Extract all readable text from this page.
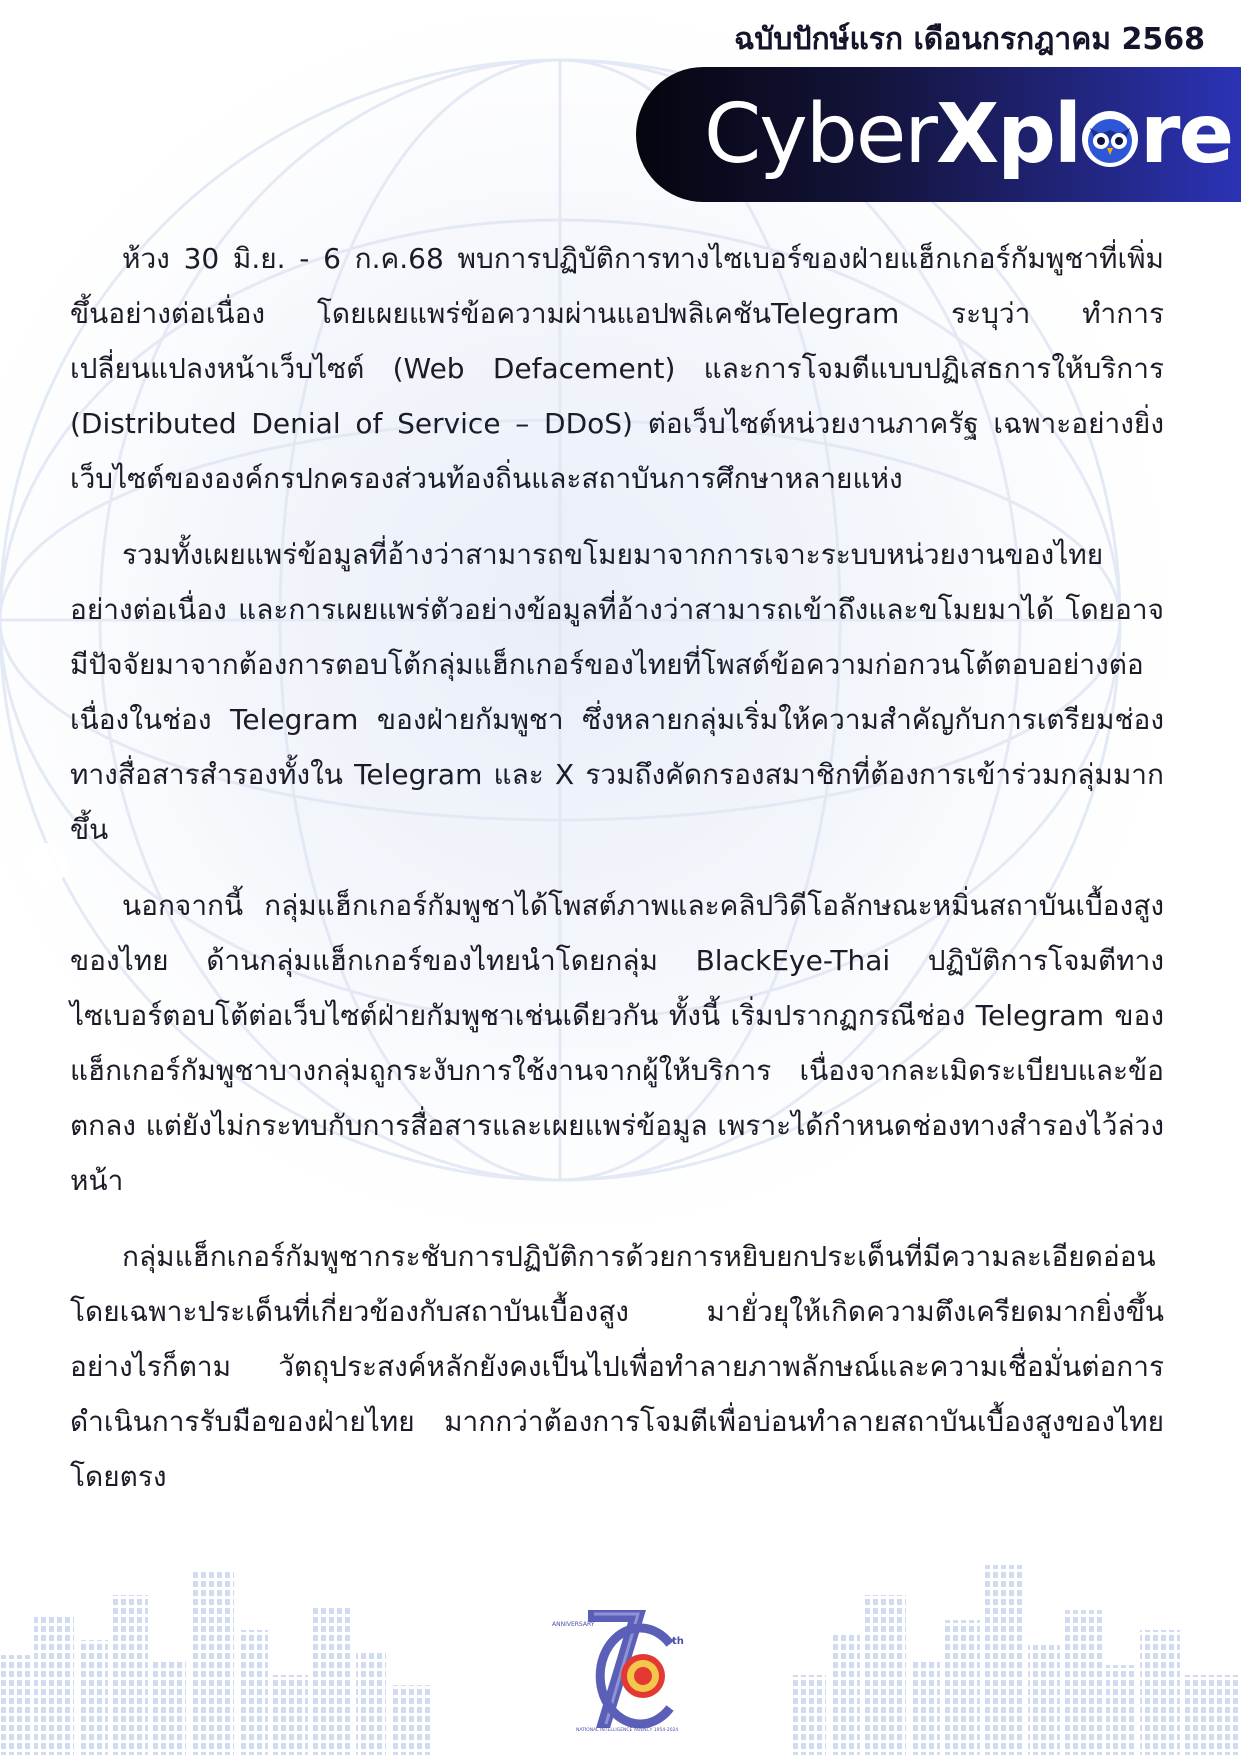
ฉบับปักษ์แรก เดือนกรกฎาคม 2568
CyberXpl re

ห้วง 30 มิ.ย. - 6 ก.ค.68 พบการปฏิบัติการทางไซเบอร์ของฝ่ายแฮ็กเกอร์กัมพูชาที่เพิ่มขึ้นอย่างต่อเนื่อง โดยเผยแพร่ข้อความผ่านแอปพลิเคชันTelegram ระบุว่า ทำการเปลี่ยนแปลงหน้าเว็บไซต์ (Web Defacement) และการโจมตีแบบปฏิเสธการให้บริการ (Distributed Denial of Service – DDoS) ต่อเว็บไซต์หน่วยงานภาครัฐ เฉพาะอย่างยิ่งเว็บไซต์ขององค์กรปกครองส่วนท้องถิ่นและสถาบันการศึกษาหลายแห่ง

รวมทั้งเผยแพร่ข้อมูลที่อ้างว่าสามารถขโมยมาจากการเจาะระบบหน่วยงานของไทยอย่างต่อเนื่อง และการเผยแพร่ตัวอย่างข้อมูลที่อ้างว่าสามารถเข้าถึงและขโมยมาได้ โดยอาจมีปัจจัยมาจากต้องการตอบโต้กลุ่มแฮ็กเกอร์ของไทยที่โพสต์ข้อความก่อกวนโต้ตอบอย่างต่อเนื่องในช่อง Telegram ของฝ่ายกัมพูชา ซึ่งหลายกลุ่มเริ่มให้ความสำคัญกับการเตรียมช่องทางสื่อสารสำรองทั้งใน Telegram และ X รวมถึงคัดกรองสมาชิกที่ต้องการเข้าร่วมกลุ่มมากขึ้น

นอกจากนี้ กลุ่มแฮ็กเกอร์กัมพูชาได้โพสต์ภาพและคลิปวิดีโอลักษณะหมิ่นสถาบันเบื้องสูงของไทย ด้านกลุ่มแฮ็กเกอร์ของไทยนำโดยกลุ่ม BlackEye-Thai ปฏิบัติการโจมตีทางไซเบอร์ตอบโต้ต่อเว็บไซต์ฝ่ายกัมพูชาเช่นเดียวกัน ทั้งนี้ เริ่มปรากฏกรณีช่อง Telegram ของแฮ็กเกอร์กัมพูชาบางกลุ่มถูกระงับการใช้งานจากผู้ให้บริการ เนื่องจากละเมิดระเบียบและข้อตกลง แต่ยังไม่กระทบกับการสื่อสารและเผยแพร่ข้อมูล เพราะได้กำหนดช่องทางสำรองไว้ล่วงหน้า

กลุ่มแฮ็กเกอร์กัมพูชากระชับการปฏิบัติการด้วยการหยิบยกประเด็นที่มีความละเอียดอ่อน โดยเฉพาะประเด็นที่เกี่ยวข้องกับสถาบันเบื้องสูง มายั่วยุให้เกิดความตึงเครียดมากยิ่งขึ้น อย่างไรก็ตาม วัตถุประสงค์หลักยังคงเป็นไปเพื่อทำลายภาพลักษณ์และความเชื่อมั่นต่อการดำเนินการรับมือของฝ่ายไทย มากกว่าต้องการโจมตีเพื่อบ่อนทำลายสถาบันเบื้องสูงของไทยโดยตรง

ANNIVERSARY
th
NATIONAL INTELLIGENCE AGENCY 1954-2024
70
